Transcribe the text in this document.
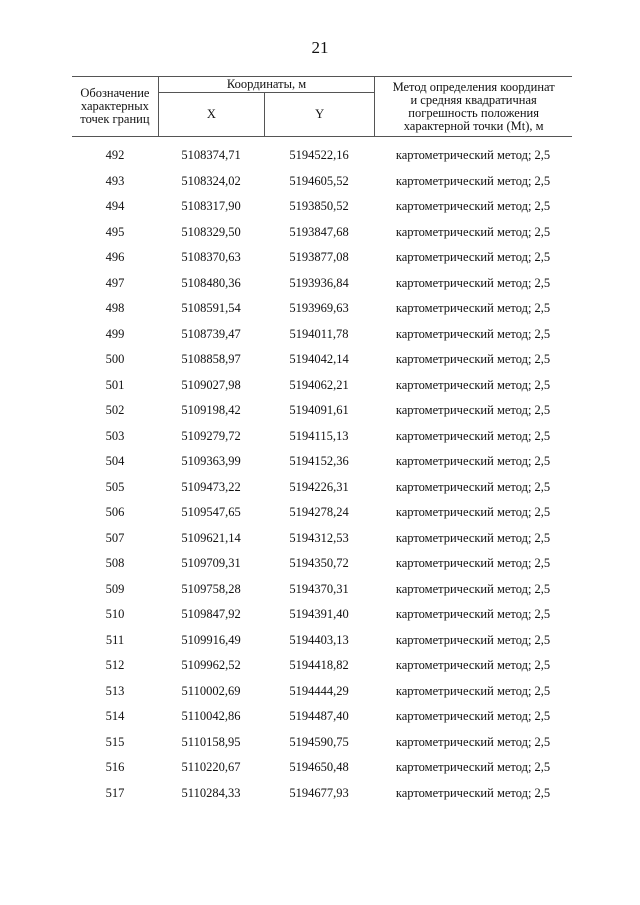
21
Обозначение
характерных
точек границ	Координаты, м		Метод определения координат
и средняя квадратичная
погрешность положения
характерной точки (Mt), м
	X	Y	
492	5108374,71	5194522,16	картометрический метод; 2,5
493	5108324,02	5194605,52	картометрический метод; 2,5
494	5108317,90	5193850,52	картометрический метод; 2,5
495	5108329,50	5193847,68	картометрический метод; 2,5
496	5108370,63	5193877,08	картометрический метод; 2,5
497	5108480,36	5193936,84	картометрический метод; 2,5
498	5108591,54	5193969,63	картометрический метод; 2,5
499	5108739,47	5194011,78	картометрический метод; 2,5
500	5108858,97	5194042,14	картометрический метод; 2,5
501	5109027,98	5194062,21	картометрический метод; 2,5
502	5109198,42	5194091,61	картометрический метод; 2,5
503	5109279,72	5194115,13	картометрический метод; 2,5
504	5109363,99	5194152,36	картометрический метод; 2,5
505	5109473,22	5194226,31	картометрический метод; 2,5
506	5109547,65	5194278,24	картометрический метод; 2,5
507	5109621,14	5194312,53	картометрический метод; 2,5
508	5109709,31	5194350,72	картометрический метод; 2,5
509	5109758,28	5194370,31	картометрический метод; 2,5
510	5109847,92	5194391,40	картометрический метод; 2,5
511	5109916,49	5194403,13	картометрический метод; 2,5
512	5109962,52	5194418,82	картометрический метод; 2,5
513	5110002,69	5194444,29	картометрический метод; 2,5
514	5110042,86	5194487,40	картометрический метод; 2,5
515	5110158,95	5194590,75	картометрический метод; 2,5
516	5110220,67	5194650,48	картометрический метод; 2,5
517	5110284,33	5194677,93	картометрический метод; 2,5
